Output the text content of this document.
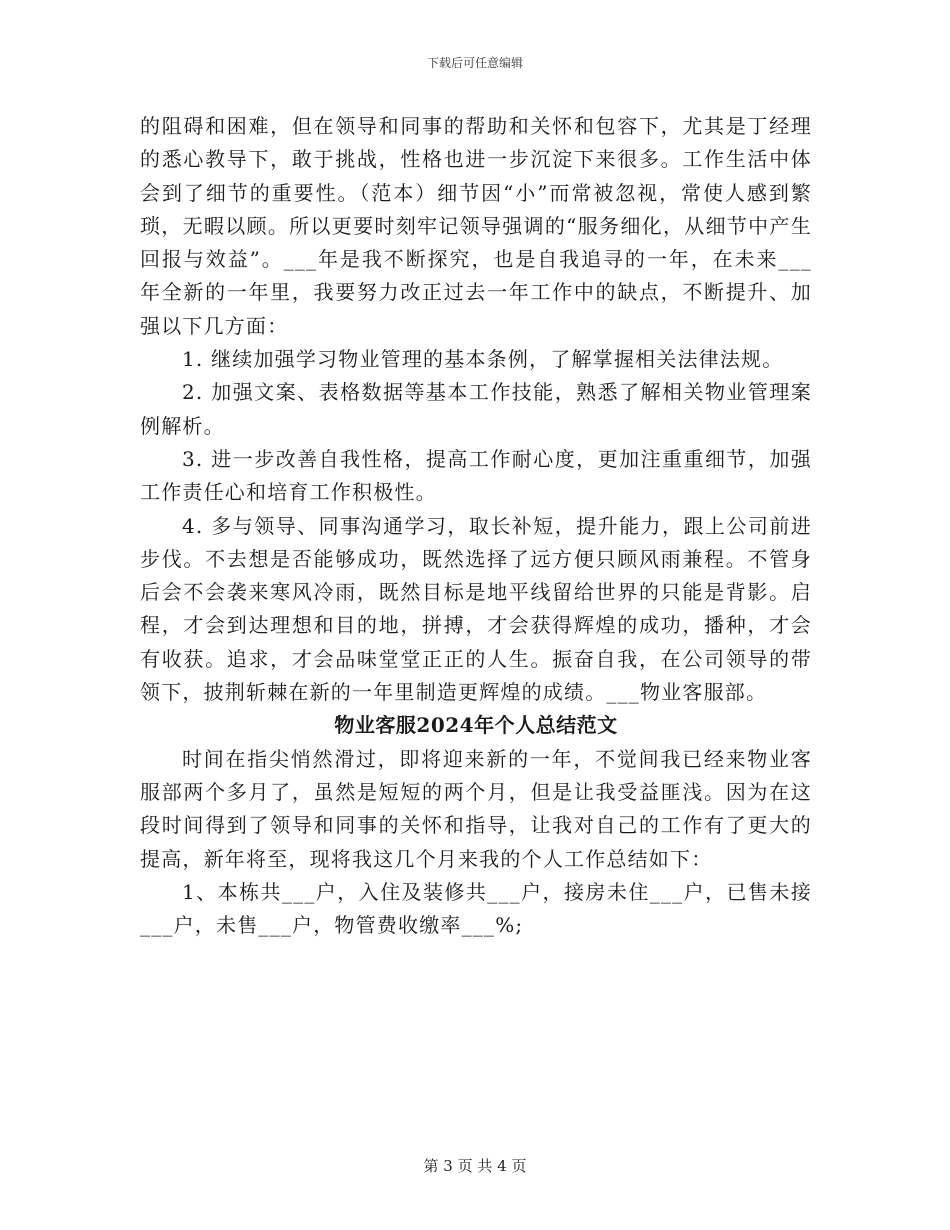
下载后可任意编辑

的阻碍和困难，但在领导和同事的帮助和关怀和包容下，尤其是丁经理的悉心教导下，敢于挑战，性格也进一步沉淀下来很多。工作生活中体会到了细节的重要性。（范本）细节因“小”而常被忽视，常使人感到繁琐，无暇以顾。所以更要时刻牢记领导强调的“服务细化，从细节中产生回报与效益”。___年是我不断探究，也是自我追寻的一年，在未来___年全新的一年里，我要努力改正过去一年工作中的缺点，不断提升、加强以下几方面：

1. 继续加强学习物业管理的基本条例，了解掌握相关法律法规。

2. 加强文案、表格数据等基本工作技能，熟悉了解相关物业管理案例解析。

3. 进一步改善自我性格，提高工作耐心度，更加注重重细节，加强工作责任心和培育工作积极性。

4. 多与领导、同事沟通学习，取长补短，提升能力，跟上公司前进步伐。不去想是否能够成功，既然选择了远方便只顾风雨兼程。不管身后会不会袭来寒风冷雨，既然目标是地平线留给世界的只能是背影。启程，才会到达理想和目的地，拼搏，才会获得辉煌的成功，播种，才会有收获。追求，才会品味堂堂正正的人生。振奋自我，在公司领导的带领下，披荆斩棘在新的一年里制造更辉煌的成绩。___物业客服部。

物业客服2024年个人总结范文

时间在指尖悄然滑过，即将迎来新的一年，不觉间我已经来物业客服部两个多月了，虽然是短短的两个月，但是让我受益匪浅。因为在这段时间得到了领导和同事的关怀和指导，让我对自己的工作有了更大的提高，新年将至，现将我这几个月来我的个人工作总结如下：

1、本栋共___户，入住及装修共___户，接房未住___户，已售未接___户，未售___户，物管费收缴率___%;

第 3 页 共 4 页
